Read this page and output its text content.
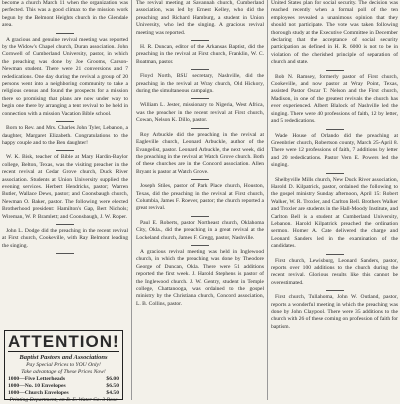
become a church March 11 when the organization was perfected. This was a good climax to the mission work begun by the Belmont Heights church in the Glendale area.

A gracious and genuine revival meeting was reported by the Widow's Chapel church, Duran association. John Cornwell of Cumberland University, pastor, in which the preaching was done by Joe Grooms, Carson-Newman student. There were 21 conversions and 7 rededications. One day during the revival a group of 20 persons went into a neighboring community to take a religious census and found the prospects for a mission there so promising that plans are now under way to begin one there by arranging a tent revival to be held in connection with a mission Vacation Bible school.

Born to Rev. and Mrs. Charles John Tyler, Lebanon, a daughter, Margaret Elizabeth. Congratulations to the happy couple and to the Ben daughter!

W. K. Bisk, teacher of Bible at Mary Hardin-Baylor college, Belton, Texas, was the visiting preacher in the recent revival at Cedar Grove church, Duck River association. Students at Union University supplied the evening services. Herbert Hendricks, pastor; Warren Butler, Wallace Dews, pastor; and Coonsbaugh church, Newman O. Baker, pastor. The following were elected Brotherhood president: Hamilton's Gap, Bert Nichols; Wireman, W. P. Bramlett; and Coonsbaugh, J. W. Roper.

John L. Dodge did the preaching in the recent revival at First church, Cookeville, with Ray Belmont leading the singing.

ATTENTION!
Baptist Pastors and Associations
Pay Special Prices to YOU Only!
Take advantage of These Prices Now!
1000—Five Letterheads	$6.00
1000—No. 10 Envelopes	$6.50
1000—Church Envelopes	$4.50
Printing Department, on B. E. Water Co. 3 Rose

The revival meeting at Savannah church, Cumberland association, was led by Ernest Kelley, who did the preaching and Richard Hamburg, a student in Union University, who led the singing. A gracious revival meeting was reported.

H. R. Duncan, editor of the Arkansas Baptist, did the preaching in the revival at First church, Franklin, W. C. Boatman, pastor.

Floyd North, BSU secretary, Nashville, did the preaching in the revival at Wray church, Old Hickory, during the simultaneous campaign.

William L. Jester, missionary to Nigeria, West Africa, was the preacher in the recent revival at First church, Cowan, Nelson K. Dillo, pastor.

Roy Arbuckle did the preaching in the revival at Eagleville church, Leonard Arbuckle, author of the Evangelist, pastor. Leonard Arbuckle, the next week, did the preaching in the revival at Watch Grove church. Both of these churches are in the Concord association. Allen Bryant is pastor at Watch Grove.

Joseph Stiles, pastor of Park Place church, Houston, Texas, did the preaching in the revival at First church, Columbia, James F. Roever, pastor; the church reported a great revival.

Paul E. Roberts, pastor Northeast church, Oklahoma City, Okla., did the preaching in a great revival at the Lockeland church, James F. Gregg, pastor, Nashville.

A gracious revival meeting was held in Inglewood church, in which the preaching was done by Theodore George of Duncan, Okla. There were 51 additions reported the first week. J. Harold Stephens is pastor of the Inglewood church. J. W. Gentry, student in Temple college, Chattanooga, was ordained to the gospel ministry by the Christiana church, Concord association, L. B. Collins, pastor.

United States plan for social security. The decision was reached recently when a formal poll of the ten employees revealed a unanimous opinion that they should not participate. The vote was taken following thorough study at the Executive Committee in December declaring that the acceptance of social security participation as defined in H. R. 6000 is not to be in violation of the cherished principle of separation of church and state.

Bob N. Ramsey, formerly pastor of First church, Cookeville, and now pastor at Wray Point, Texas, assisted Pastor Oscar T. Nelson and the First church, Madison, in one of the greatest revivals the church has ever experienced. Albert Blalock of Nashville led the singing. There were 40 professions of faith, 12 by letter, and 5 rededications.

Wade House of Orlando did the preaching at Greenbrier church, Robertson county, March 25-April 8. There were 12 professions of faith, 7 additions by letter and 20 rededications. Pastor Vern E. Powers led the singing.

Shelbyville Mills church, New Duck River association, Harold D. Kilpatrick, pastor, ordained the following to the gospel ministry Sunday afternoon, April 15: Robert Walker, W. R. Troxler, and Carlton Bell. Brothers Walker and Troxler are students in the Hall-Moody Institute, and Carlton Bell is a student at Cumberland University, Lebanon. Harold Kilpatrick preached the ordination sermon. Homer A. Cate delivered the charge and Leonard Sanders led in the examination of the candidates.

First church, Lewisburg, Leonard Sanders, pastor, reports over 100 additions to the church during the recent revival. Glorious results like this cannot be overestimated.

First church, Tullahoma, John W. Outland, pastor, reports a wonderful meeting in which the preaching was done by John Claypool. There were 35 additions to the church with 26 of these coming on profession of faith for baptism.
